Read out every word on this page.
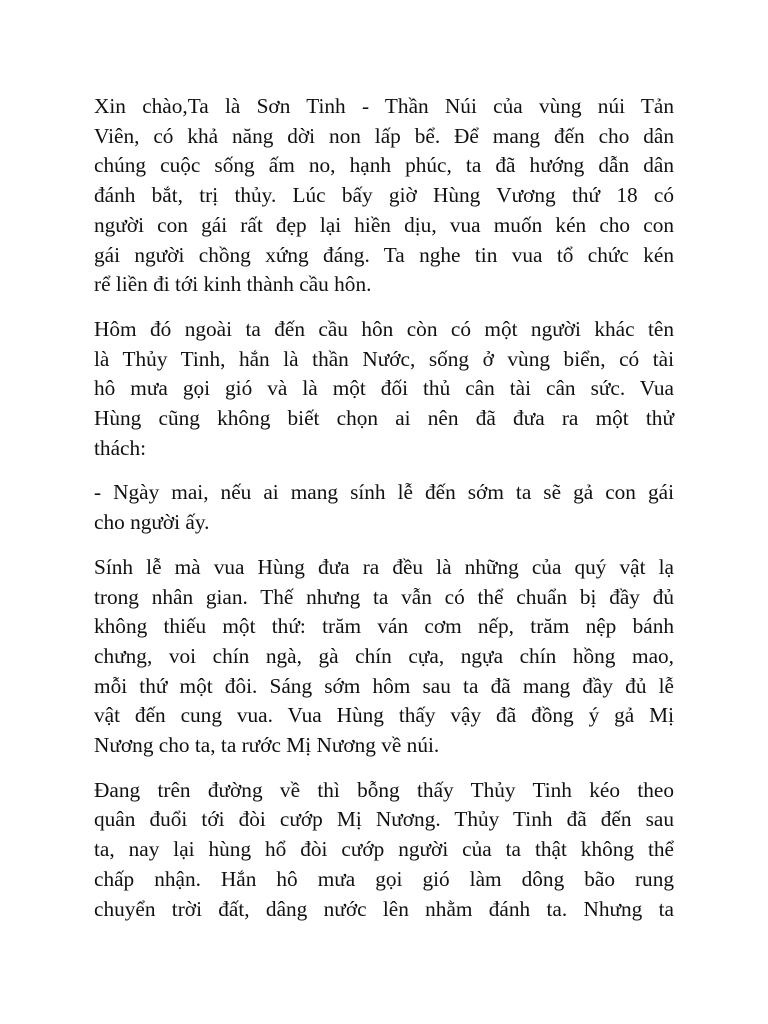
Xin chào,Ta là Sơn Tinh - Thần Núi của vùng núi Tản
Viên, có khả năng dời non lấp bể. Để mang đến cho dân
chúng cuộc sống ấm no, hạnh phúc, ta đã hướng dẫn dân
đánh bắt, trị thủy. Lúc bấy giờ Hùng Vương thứ 18 có
người con gái rất đẹp lại hiền dịu, vua muốn kén cho con
gái người chồng xứng đáng. Ta nghe tin vua tổ chức kén
rể liền đi tới kinh thành cầu hôn.

Hôm đó ngoài ta đến cầu hôn còn có một người khác tên
là Thủy Tinh, hắn là thần Nước, sống ở vùng biển, có tài
hô mưa gọi gió và là một đối thủ cân tài cân sức. Vua
Hùng cũng không biết chọn ai nên đã đưa ra một thử
thách:

- Ngày mai, nếu ai mang sính lễ đến sớm ta sẽ gả con gái
cho người ấy.

Sính lễ mà vua Hùng đưa ra đều là những của quý vật lạ
trong nhân gian. Thế nhưng ta vẫn có thể chuẩn bị đầy đủ
không thiếu một thứ: trăm ván cơm nếp, trăm nệp bánh
chưng, voi chín ngà, gà chín cựa, ngựa chín hồng mao,
mỗi thứ một đôi. Sáng sớm hôm sau ta đã mang đầy đủ lễ
vật đến cung vua. Vua Hùng thấy vậy đã đồng ý gả Mị
Nương cho ta, ta rước Mị Nương về núi.

Đang trên đường về thì bỗng thấy Thủy Tinh kéo theo
quân đuổi tới đòi cướp Mị Nương. Thủy Tinh đã đến sau
ta, nay lại hùng hổ đòi cướp người của ta thật không thể
chấp nhận. Hắn hô mưa gọi gió làm dông bão rung
chuyển trời đất, dâng nước lên nhằm đánh ta. Nhưng ta
